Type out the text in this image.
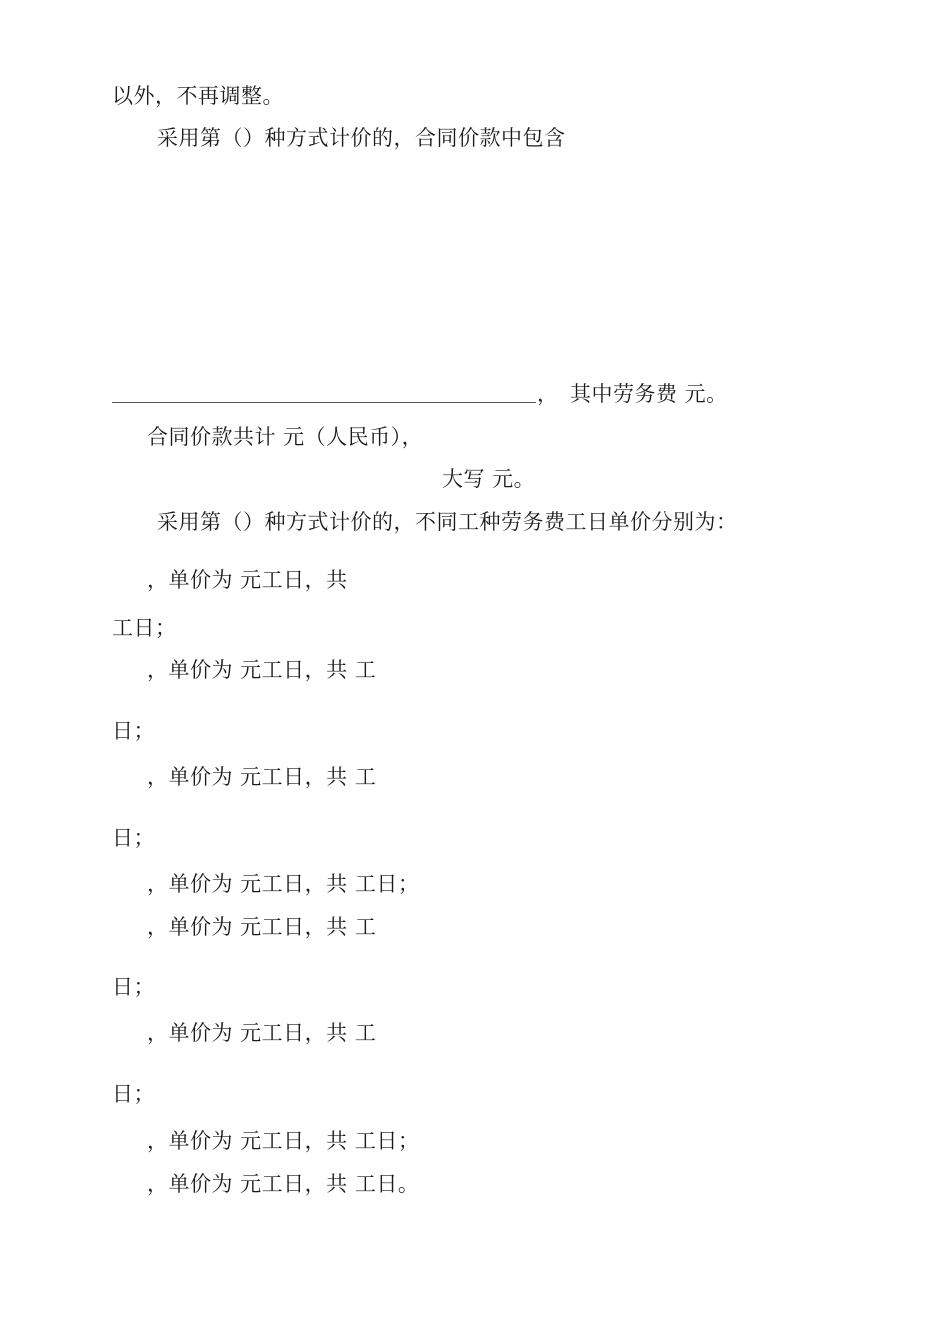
以外，不再调整。
采用第（）种方式计价的，合同价款中包含
， 其中劳务费 元。
合同价款共计 元（人民币），
大写 元。
采用第（）种方式计价的，不同工种劳务费工日单价分别为：
，单价为 元工日，共
工日；
，单价为 元工日，共 工
日；
，单价为 元工日，共 工
日；
，单价为 元工日，共 工日；
，单价为 元工日，共 工
日；
，单价为 元工日，共 工
日；
，单价为 元工日，共 工日；
，单价为 元工日，共 工日。
